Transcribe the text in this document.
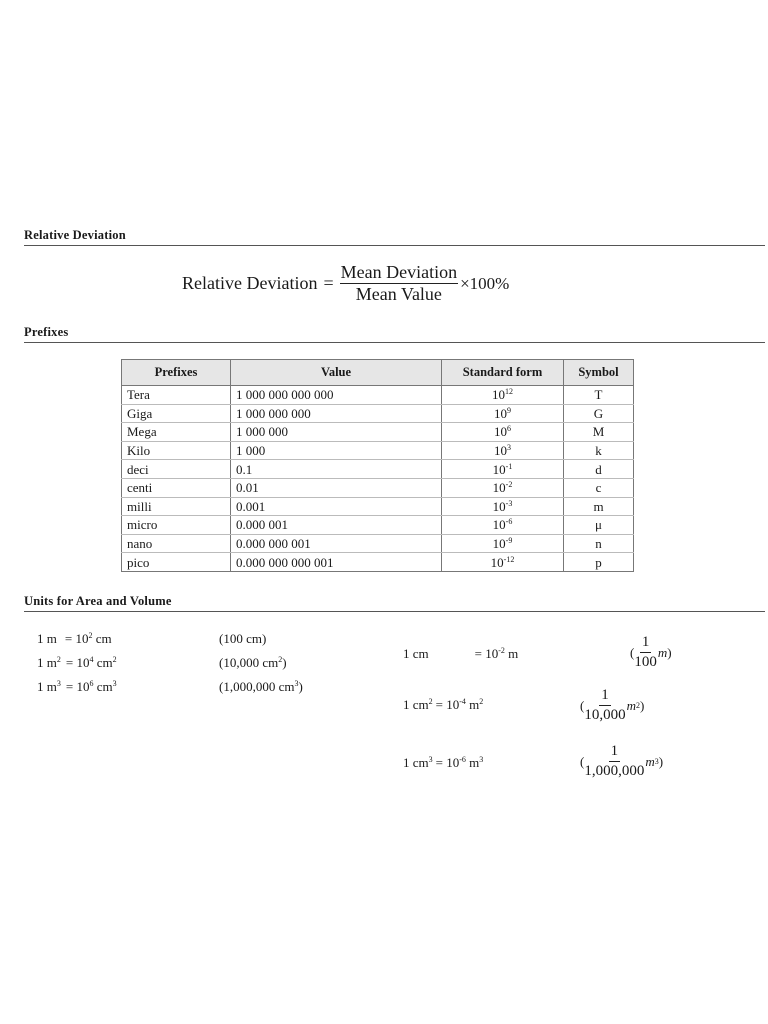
Relative Deviation
Prefixes
Units for Area and Volume
Relative Deviation = $\frac{\text{Mean Deviation}}{\text{Mean Value}} \times 100\%$
Prefixes	Value	Standard form	Symbol
Tera	1 000 000 000 000	$10^{12}$	T
Giga	1 000 000 000	$10^9$	G
Mega	1 000 000	$10^6$	M
Kilo	1 000	$10^3$	k
deci	0.1	$10^{-1}$	d
centi	0.01	$10^{-2}$	c
milli	0.001	$10^{-3}$	m
micro	0.000 001	$10^{-6}$	μ
nano	0.000 000 001	$10^{-9}$	n
pico	0.000 000 000 001	$10^{-12}$	p
1 $m = 10^2$ cm	(100 cm)
1 $m^2 = 10^4$ $cm^2$	(10,000 $cm^2$)
1 $m^3 = 10^6$ $cm^3$	(1,000,000 $cm^3$)
1 cm	= $10^{-2}$ m	( $\frac{1}{100}$ m )
1 $cm^2 = 10^{-4}$ $m^2$	( $\frac{1}{10,000}$ m 2 )
1 $cm^3 = 10^{-6}$ $m^3$	( $\frac{1}{1,000,000}$ m 3 )
